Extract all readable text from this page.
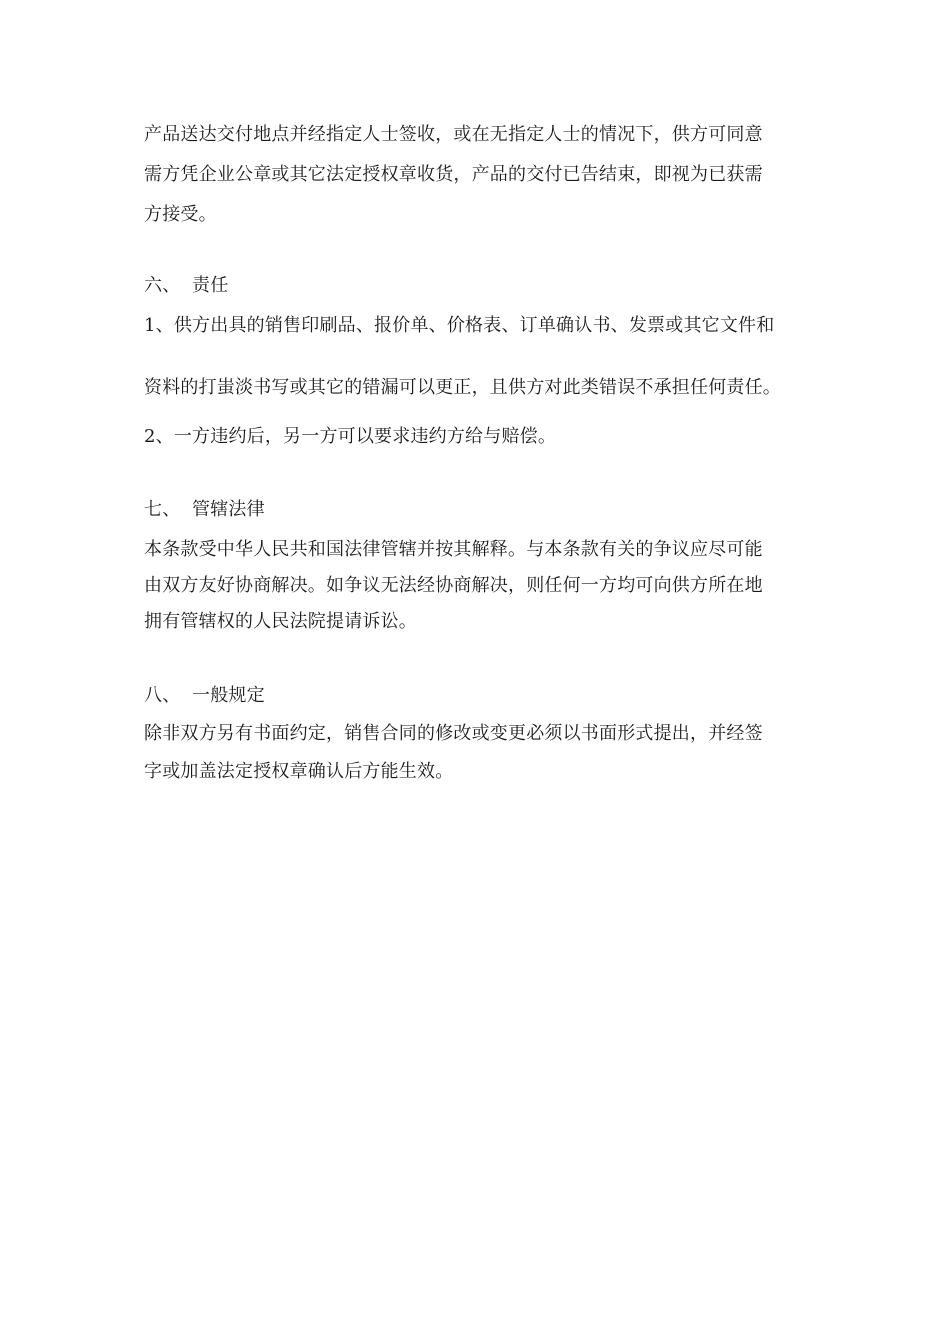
产品送达交付地点并经指定人士签收，或在无指定人士的情况下，供方可同意
需方凭企业公章或其它法定授权章收货，产品的交付已告结束，即视为已获需
方接受。
六、 责任
1、供方出具的销售印刷品、报价单、价格表、订单确认书、发票或其它文件和
资料的打蚩淡书写或其它的错漏可以更正，且供方对此类错误不承担任何责任。
2、一方违约后，另一方可以要求违约方给与赔偿。
七、 管辖法律
本条款受中华人民共和国法律管辖并按其解释。与本条款有关的争议应尽可能
由双方友好协商解决。如争议无法经协商解决，则任何一方均可向供方所在地
拥有管辖权的人民法院提请诉讼。
八、 一般规定
除非双方另有书面约定，销售合同的修改或变更必须以书面形式提出，并经签
字或加盖法定授权章确认后方能生效。
